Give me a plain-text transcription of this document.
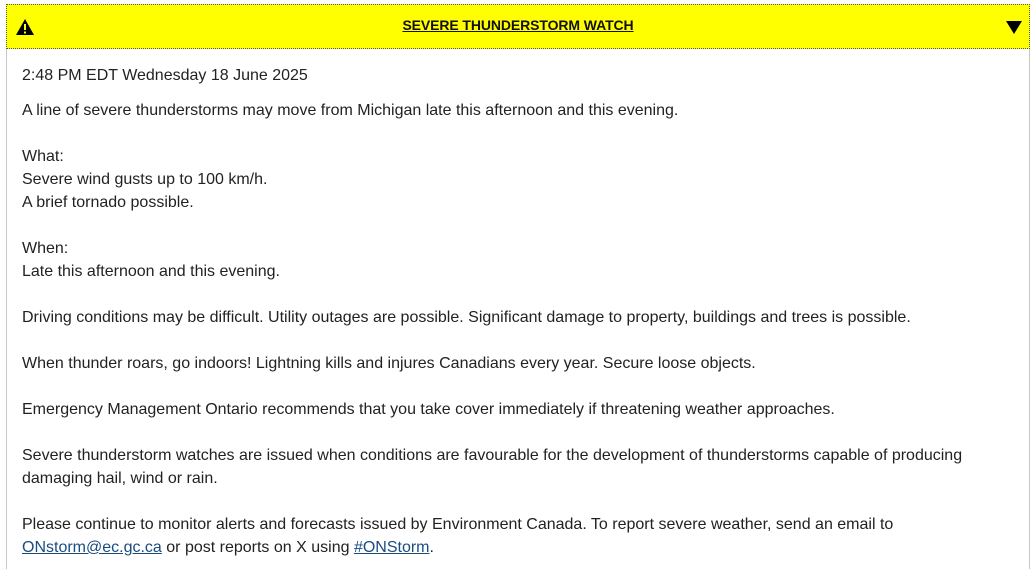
SEVERE THUNDERSTORM WATCH

2:48 PM EDT Wednesday 18 June 2025

A line of severe thunderstorms may move from Michigan late this afternoon and this evening.

What:
Severe wind gusts up to 100 km/h.
A brief tornado possible.

When:
Late this afternoon and this evening.

Driving conditions may be difficult. Utility outages are possible. Significant damage to property, buildings and trees is possible.

When thunder roars, go indoors! Lightning kills and injures Canadians every year. Secure loose objects.

Emergency Management Ontario recommends that you take cover immediately if threatening weather approaches.

Severe thunderstorm watches are issued when conditions are favourable for the development of thunderstorms capable of producing damaging hail, wind or rain.

Please continue to monitor alerts and forecasts issued by Environment Canada. To report severe weather, send an email to ONstorm@ec.gc.ca or post reports on X using #ONStorm.
